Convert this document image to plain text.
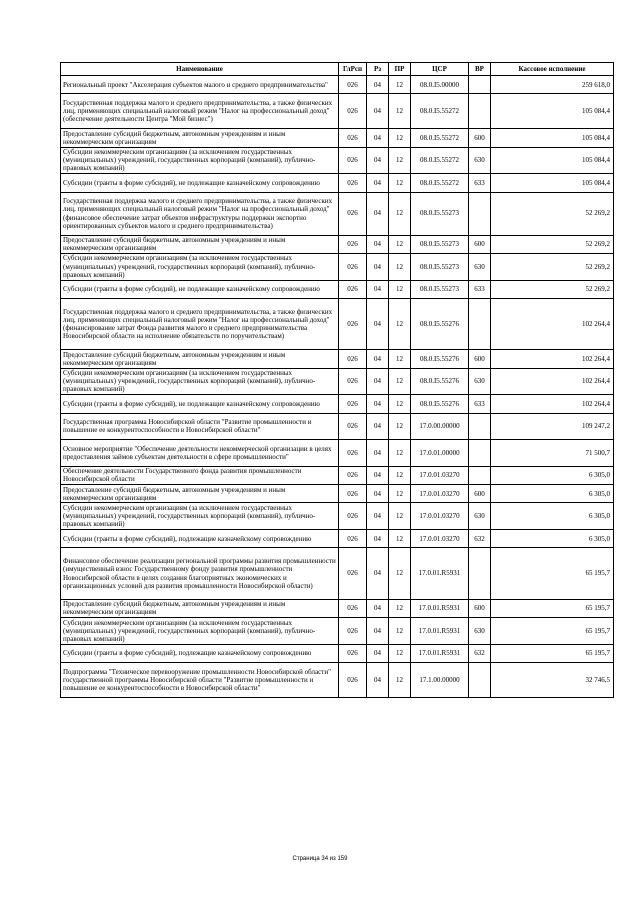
Наименование	ГлРсп	Рз	ПР	ЦСР	ВР	Кассовое исполнение
Региональный проект "Акселерация субъектов малого и среднего предпринимательства"	026	04	12	08.0.I5.00000		259 618,0
Государственная поддержка малого и среднего предпринимательства, а также физических лиц, применяющих специальный налоговый режим "Налог на профессиональный доход" (обеспечение деятельности Центра "Мой бизнес")	026	04	12	08.0.I5.55272		105 084,4
Предоставление субсидий бюджетным, автономным учреждениям и иным некоммерческим организациям	026	04	12	08.0.I5.55272	600	105 084,4
Субсидии некоммерческим организациям (за исключением государственных (муниципальных) учреждений, государственных корпораций (компаний), публично-правовых компаний)	026	04	12	08.0.I5.55272	630	105 084,4
Субсидии (гранты в форме субсидий), не подлежащие казначейскому сопровождению	026	04	12	08.0.I5.55272	633	105 084,4
Государственная поддержка малого и среднего предпринимательства, а также физических лиц, применяющих специальный налоговый режим "Налог на профессиональный доход" (финансовое обеспечение затрат объектов инфраструктуры поддержки экспортно ориентированных субъектов малого и среднего предпринимательства)	026	04	12	08.0.I5.55273		52 269,2
Предоставление субсидий бюджетным, автономным учреждениям и иным некоммерческим организациям	026	04	12	08.0.I5.55273	600	52 269,2
Субсидии некоммерческим организациям (за исключением государственных (муниципальных) учреждений, государственных корпораций (компаний), публично-правовых компаний)	026	04	12	08.0.I5.55273	630	52 269,2
Субсидии (гранты в форме субсидий), не подлежащие казначейскому сопровождению	026	04	12	08.0.I5.55273	633	52 269,2
Государственная поддержка малого и среднего предпринимательства, а также физических лиц, применяющих специальный налоговый режим "Налог на профессиональный доход" (финансирование затрат Фонда развития малого и среднего предпринимательства Новосибирской области на исполнение обязательств по поручительствам)	026	04	12	08.0.I5.55276		102 264,4
Предоставление субсидий бюджетным, автономным учреждениям и иным некоммерческим организациям	026	04	12	08.0.I5.55276	600	102 264,4
Субсидии некоммерческим организациям (за исключением государственных (муниципальных) учреждений, государственных корпораций (компаний), публично-правовых компаний)	026	04	12	08.0.I5.55276	630	102 264,4
Субсидии (гранты в форме субсидий), не подлежащие казначейскому сопровождению	026	04	12	08.0.I5.55276	633	102 264,4
Государственная программа Новосибирской области "Развитие промышленности и повышение ее конкурентоспособности в Новосибирской области"	026	04	12	17.0.00.00000		109 247,2
Основное мероприятие "Обеспечение деятельности некоммерческой организации в целях предоставления займов субъектам деятельности в сфере промышленности"	026	04	12	17.0.01.00000		71 500,7
Обеспечение деятельности Государственного фонда развития промышленности Новосибирской области	026	04	12	17.0.01.03270		6 305,0
Предоставление субсидий бюджетным, автономным учреждениям и иным некоммерческим организациям	026	04	12	17.0.01.03270	600	6 305,0
Субсидии некоммерческим организациям (за исключением государственных (муниципальных) учреждений, государственных корпораций (компаний), публично-правовых компаний)	026	04	12	17.0.01.03270	630	6 305,0
Субсидии (гранты в форме субсидий), подлежащие казначейскому сопровождению	026	04	12	17.0.01.03270	632	6 305,0
Финансовое обеспечение реализации региональной программы развития промышленности (имущественный взнос Государственному фонду развития промышленности Новосибирской области в целях создания благоприятных экономических и организационных условий для развития промышленности Новосибирской области)	026	04	12	17.0.01.R5931		65 195,7
Предоставление субсидий бюджетным, автономным учреждениям и иным некоммерческим организациям	026	04	12	17.0.01.R5931	600	65 195,7
Субсидии некоммерческим организациям (за исключением государственных (муниципальных) учреждений, государственных корпораций (компаний), публично-правовых компаний)	026	04	12	17.0.01.R5931	630	65 195,7
Субсидии (гранты в форме субсидий), подлежащие казначейскому сопровождению	026	04	12	17.0.01.R5931	632	65 195,7
Подпрограмма "Техническое перевооружение промышленности Новосибирской области" государственной программы Новосибирской области "Развитие промышленности и повышение ее конкурентоспособности в Новосибирской области"	026	04	12	17.1.00.00000		32 746,5
Страница 34 из 159
